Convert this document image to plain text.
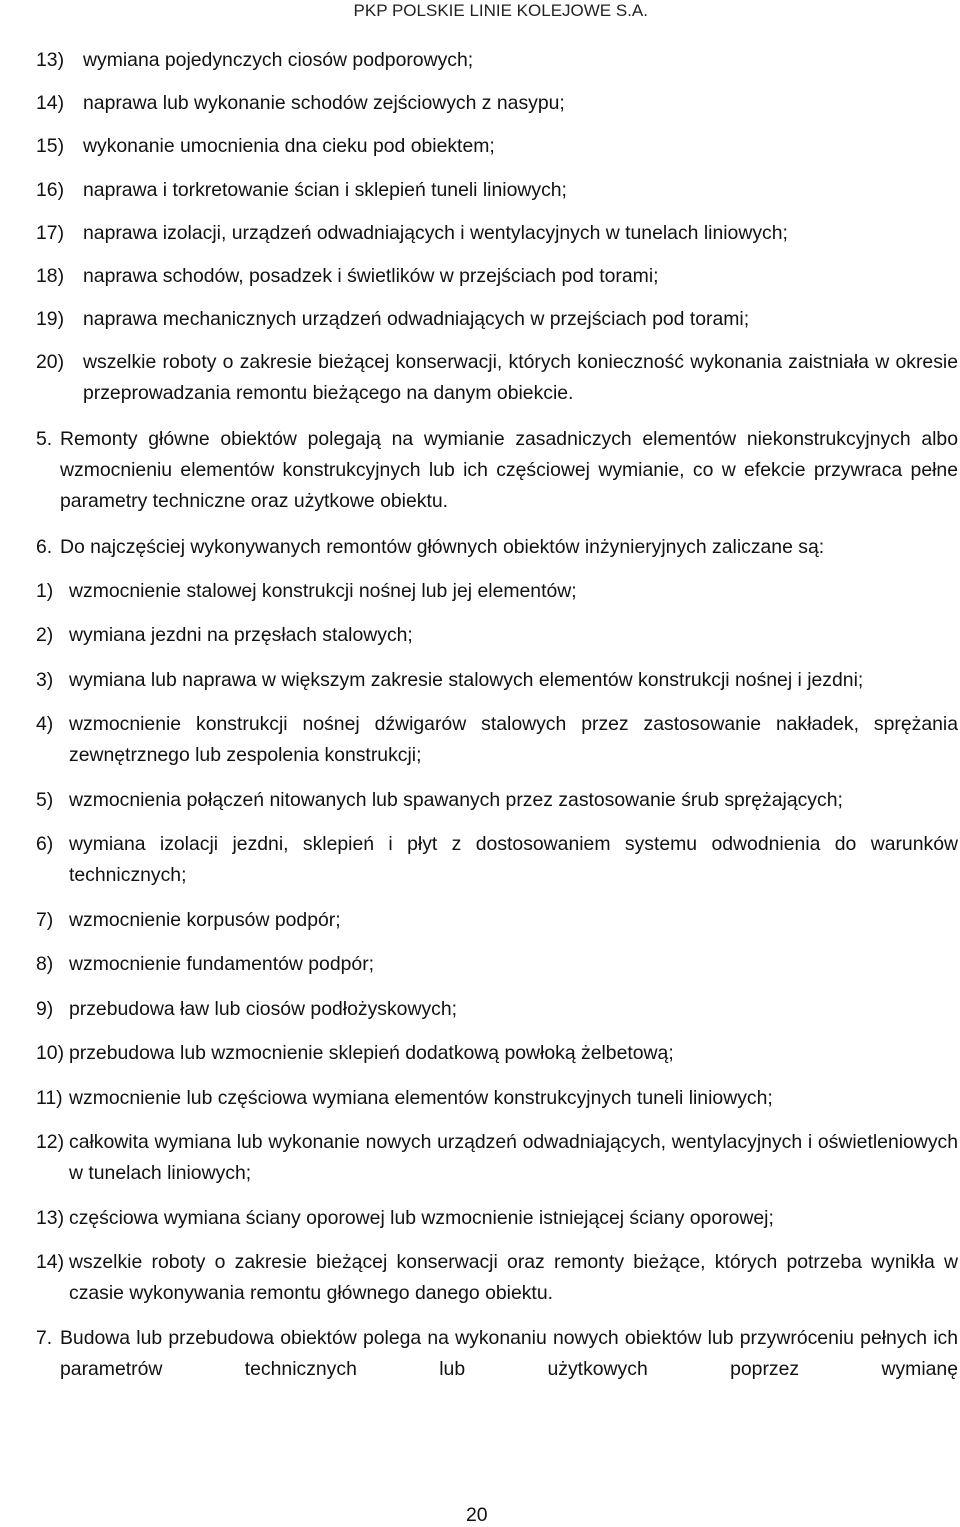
PKP POLSKIE LINIE KOLEJOWE S.A.
13) wymiana pojedynczych ciosów podporowych;
14) naprawa lub wykonanie schodów zejściowych z nasypu;
15) wykonanie umocnienia dna cieku pod obiektem;
16) naprawa i torkretowanie ścian i sklepień tuneli liniowych;
17) naprawa izolacji, urządzeń odwadniających i wentylacyjnych w tunelach liniowych;
18) naprawa schodów, posadzek i świetlików w przejściach pod torami;
19) naprawa mechanicznych urządzeń odwadniających w przejściach pod torami;
20) wszelkie roboty o zakresie bieżącej konserwacji, których konieczność wykonania zaistniała w okresie przeprowadzania remontu bieżącego na danym obiekcie.
5. Remonty główne obiektów polegają na wymianie zasadniczych elementów niekonstrukcyjnych albo wzmocnieniu elementów konstrukcyjnych lub ich częściowej wymianie, co w efekcie przywraca pełne parametry techniczne oraz użytkowe obiektu.
6. Do najczęściej wykonywanych remontów głównych obiektów inżynieryjnych zaliczane są:
1) wzmocnienie stalowej konstrukcji nośnej lub jej elementów;
2) wymiana jezdni na przęsłach stalowych;
3) wymiana lub naprawa w większym zakresie stalowych elementów konstrukcji nośnej i jezdni;
4) wzmocnienie konstrukcji nośnej dźwigarów stalowych przez zastosowanie nakładek, sprężania zewnętrznego lub zespolenia konstrukcji;
5) wzmocnienia połączeń nitowanych lub spawanych przez zastosowanie śrub sprężających;
6) wymiana izolacji jezdni, sklepień i płyt z dostosowaniem systemu odwodnienia do warunków technicznych;
7) wzmocnienie korpusów podpór;
8) wzmocnienie fundamentów podpór;
9) przebudowa ław lub ciosów podłożyskowych;
10) przebudowa lub wzmocnienie sklepień dodatkową powłoką żelbetową;
11) wzmocnienie lub częściowa wymiana elementów konstrukcyjnych tuneli liniowych;
12) całkowita wymiana lub wykonanie nowych urządzeń odwadniających, wentylacyjnych i oświetleniowych w tunelach liniowych;
13) częściowa wymiana ściany oporowej lub wzmocnienie istniejącej ściany oporowej;
14) wszelkie roboty o zakresie bieżącej konserwacji oraz remonty bieżące, których potrzeba wynikła w czasie wykonywania remontu głównego danego obiektu.
7. Budowa lub przebudowa obiektów polega na wykonaniu nowych obiektów lub przywróceniu pełnych ich parametrów technicznych lub użytkowych poprzez wymianę
20
